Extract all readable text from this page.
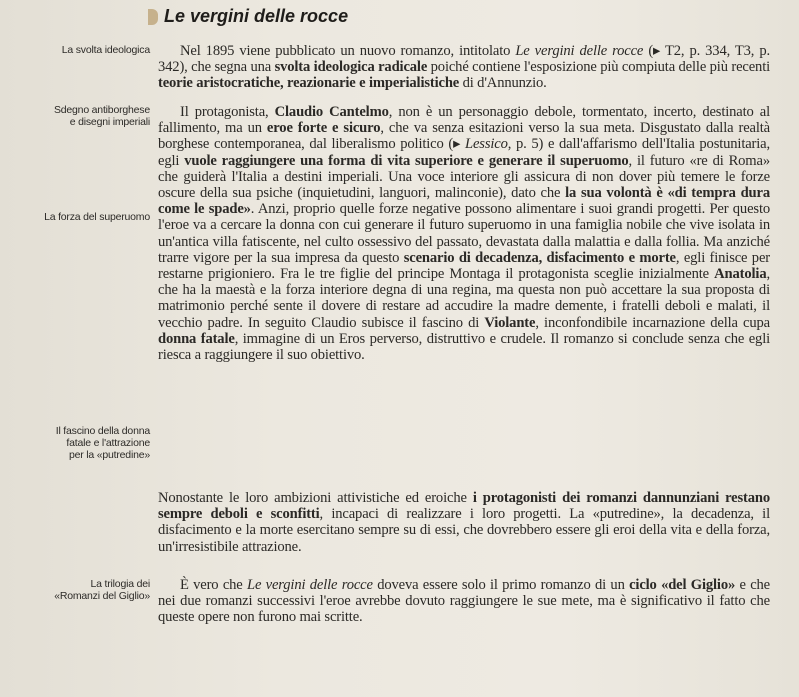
Le vergini delle rocce
La svolta ideologica
Sdegno antiborghese
e disegni imperiali
La forza del superuomo
Il fascino della donna
fatale e l'attrazione
per la «putredine»
La trilogia dei
«Romanzi del Giglio»

Nel 1895 viene pubblicato un nuovo romanzo, intitolato Le vergini delle rocce (▸ T2, p. 334, T3, p. 342), che segna una svolta ideologica radicale poiché contiene l'esposizione più compiuta delle più recenti teorie aristocratiche, reazionarie e imperialistiche di d'Annunzio.

Il protagonista, Claudio Cantelmo, non è un personaggio debole, tormentato, incerto, destinato al fallimento, ma un eroe forte e sicuro, che va senza esitazioni verso la sua meta. Disgustato dalla realtà borghese contemporanea, dal liberalismo politico (▸ Lessico, p. 5) e dall'affarismo dell'Italia postunitaria, egli vuole raggiungere una forma di vita superiore e generare il superuomo, il futuro «re di Roma» che guiderà l'Italia a destini imperiali. Una voce interiore gli assicura di non dover più temere le forze oscure della sua psiche (inquietudini, languori, malinconie), dato che la sua volontà è «di tempra dura come le spade». Anzi, proprio quelle forze negative possono alimentare i suoi grandi progetti. Per questo l'eroe va a cercare la donna con cui generare il futuro superuomo in una famiglia nobile che vive isolata in un'antica villa fatiscente, nel culto ossessivo del passato, devastata dalla malattia e dalla follia. Ma anziché trarre vigore per la sua impresa da questo scenario di decadenza, disfacimento e morte, egli finisce per restarne prigioniero. Fra le tre figlie del principe Montaga il protagonista sceglie inizialmente Anatolia, che ha la maestà e la forza interiore degna di una regina, ma questa non può accettare la sua proposta di matrimonio perché sente il dovere di restare ad accudire la madre demente, i fratelli deboli e malati, il vecchio padre. In seguito Claudio subisce il fascino di Violante, inconfondibile incarnazione della cupa donna fatale, immagine di un Eros perverso, distruttivo e crudele. Il romanzo si conclude senza che egli riesca a raggiungere il suo obiettivo.

Nonostante le loro ambizioni attivistiche ed eroiche i protagonisti dei romanzi dannunziani restano sempre deboli e sconfitti, incapaci di realizzare i loro progetti. La «putredine», la decadenza, il disfacimento e la morte esercitano sempre su di essi, che dovrebbero essere gli eroi della vita e della forza, un'irresistibile attrazione.

È vero che Le vergini delle rocce doveva essere solo il primo romanzo di un ciclo «del Giglio» e che nei due romanzi successivi l'eroe avrebbe dovuto raggiungere le sue mete, ma è significativo il fatto che queste opere non furono mai scritte.
